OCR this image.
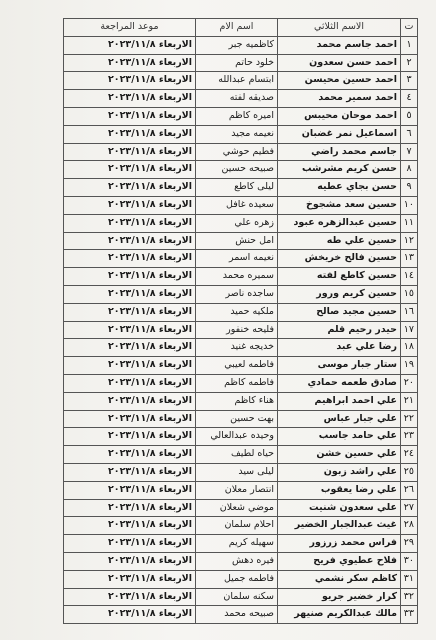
ت	الاسم الثلاثي	اسم الام	موعد المراجعة
١	احمد جاسم محمد	كاظميه جبر	الاربعاء ٢٠٢٣/١١/٨
٢	احمد حسن سعدون	خلود حاتم	الاربعاء ٢٠٢٣/١١/٨
٣	احمد حسين محيسن	ابتسام عبدالله	الاربعاء ٢٠٢٣/١١/٨
٤	احمد سمير محمد	صديقه لفته	الاربعاء ٢٠٢٣/١١/٨
٥	احمد موحان محيبس	اميره كاظم	الاربعاء ٢٠٢٣/١١/٨
٦	اسماعيل نمر غضبان	نعيمه مجيد	الاربعاء ٢٠٢٣/١١/٨
٧	جاسم محمد راضي	فطيم حوشي	الاربعاء ٢٠٢٣/١١/٨
٨	حسن كريم مشرشب	صبيحه حسين	الاربعاء ٢٠٢٣/١١/٨
٩	حسن بجاي عطيه	ليلى كاطع	الاربعاء ٢٠٢٣/١١/٨
١٠	حسين سعد مشجوخ	سعيده غافل	الاربعاء ٢٠٢٣/١١/٨
١١	حسين عبدالزهره عبود	زهره علي	الاربعاء ٢٠٢٣/١١/٨
١٢	حسين علي طه	امل حنش	الاربعاء ٢٠٢٣/١١/٨
١٣	حسين فالح خريخش	نعيمه اسمر	الاربعاء ٢٠٢٣/١١/٨
١٤	حسين كاطع لفته	سميره محمد	الاربعاء ٢٠٢٣/١١/٨
١٥	حسين كريم ورور	ساجده ناصر	الاربعاء ٢٠٢٣/١١/٨
١٦	حسين مجيد صالح	ملكيه حميد	الاربعاء ٢٠٢٣/١١/٨
١٧	حيدر رحيم قلم	فليحه خنفور	الاربعاء ٢٠٢٣/١١/٨
١٨	رضا علي عبد	خديجه غنيد	الاربعاء ٢٠٢٣/١١/٨
١٩	ستار جبار موسى	فاطمه لعيبي	الاربعاء ٢٠٢٣/١١/٨
٢٠	صادق طعمه حمادي	فاطمه كاظم	الاربعاء ٢٠٢٣/١١/٨
٢١	علي احمد ابراهيم	هناء كاظم	الاربعاء ٢٠٢٣/١١/٨
٢٢	علي جبار عباس	بهت حسين	الاربعاء ٢٠٢٣/١١/٨
٢٣	علي حامد جاسب	وحيده عبدالعالي	الاربعاء ٢٠٢٣/١١/٨
٢٤	علي حسين خشن	حياه لطيف	الاربعاء ٢٠٢٣/١١/٨
٢٥	علي راشد زبون	ليلى سيد	الاربعاء ٢٠٢٣/١١/٨
٢٦	علي رضا يعقوب	انتصار معلان	الاربعاء ٢٠٢٣/١١/٨
٢٧	علي سعدون شنيت	موضي شعلان	الاربعاء ٢٠٢٣/١١/٨
٢٨	غيث عبدالجبار الخضير	احلام سلمان	الاربعاء ٢٠٢٣/١١/٨
٢٩	فراس محمد زرزور	سهيله كريم	الاربعاء ٢٠٢٣/١١/٨
٣٠	فلاح عطيوي فريح	فيره دهش	الاربعاء ٢٠٢٣/١١/٨
٣١	كاظم سكر نشمي	فاطمه جميل	الاربعاء ٢٠٢٣/١١/٨
٣٢	كرار خضير جريو	سكنه سلمان	الاربعاء ٢٠٢٣/١١/٨
٣٣	مالك عبدالكريم صنيهر	صبيحه محمد	الاربعاء ٢٠٢٣/١١/٨
